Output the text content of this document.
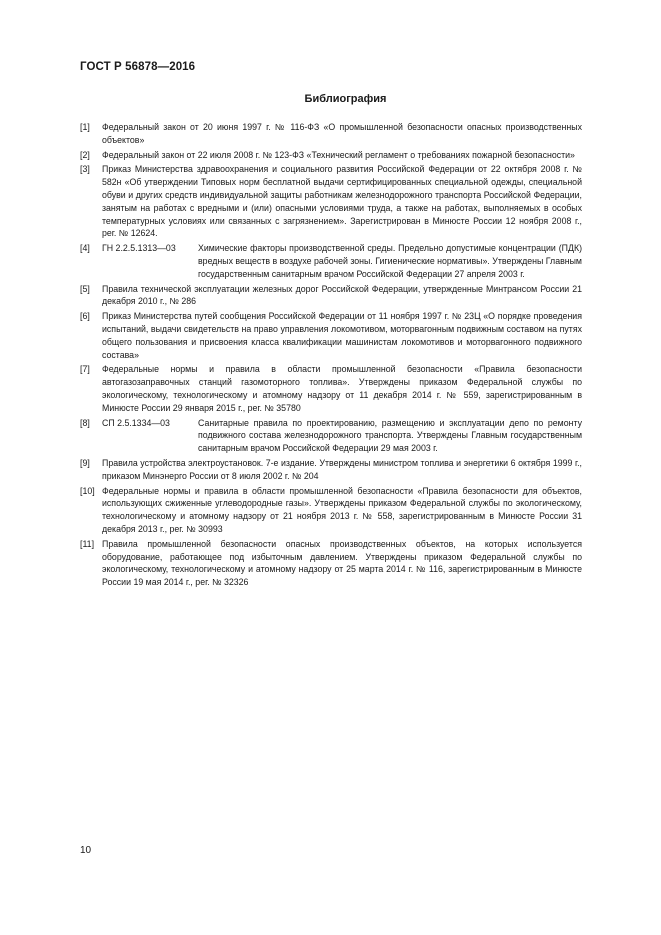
ГОСТ Р 56878—2016
Библиография
[1]	Федеральный закон от 20 июня 1997 г. № 116-ФЗ «О промышленной безопасности опасных производственных объектов»
[2]	Федеральный закон от 22 июля 2008 г. № 123-ФЗ «Технический регламент о требованиях пожарной безопасности»
[3]	Приказ Министерства здравоохранения и социального развития Российской Федерации от 22 октября 2008 г. № 582н «Об утверждении Типовых норм бесплатной выдачи сертифицированных специальной одежды, специальной обуви и других средств индивидуальной защиты работникам железнодорожного транспорта Российской Федерации, занятым на работах с вредными и (или) опасными условиями труда, а также на работах, выполняемых в особых температурных условиях или связанных с загрязнением». Зарегистрирован в Минюсте России 12 ноября 2008 г., рег. № 12624.
[4]	ГН 2.2.5.1313—03	Химические факторы производственной среды. Предельно допустимые концентрации (ПДК) вредных веществ в воздухе рабочей зоны. Гигиенические нормативы». Утверждены Главным государственным санитарным врачом Российской Федерации 27 апреля 2003 г.
[5]	Правила технической эксплуатации железных дорог Российской Федерации, утвержденные Минтрансом России 21 декабря 2010 г., № 286
[6]	Приказ Министерства путей сообщения Российской Федерации от 11 ноября 1997 г. № 23Ц «О порядке проведения испытаний, выдачи свидетельств на право управления локомотивом, моторвагонным подвижным составом на путях общего пользования и присвоения класса квалификации машинистам локомотивов и моторвагонного подвижного состава»
[7]	Федеральные нормы и правила в области промышленной безопасности «Правила безопасности автогазозаправочных станций газомоторного топлива». Утверждены приказом Федеральной службы по экологическому, технологическому и атомному надзору от 11 декабря 2014 г. № 559, зарегистрированным в Минюсте России 29 января 2015 г., рег. № 35780
[8]	СП 2.5.1334—03	Санитарные правила по проектированию, размещению и эксплуатации депо по ремонту подвижного состава железнодорожного транспорта. Утверждены Главным государственным санитарным врачом Российской Федерации 29 мая 2003 г.
[9]	Правила устройства электроустановок. 7-е издание. Утверждены министром топлива и энергетики 6 октября 1999 г., приказом Минэнерго России от 8 июля 2002 г. № 204
[10] Федеральные нормы и правила в области промышленной безопасности «Правила безопасности для объектов, использующих сжиженные углеводородные газы». Утверждены приказом Федеральной службы по экологическому, технологическому и атомному надзору от 21 ноября 2013 г. № 558, зарегистрированным в Минюсте России 31 декабря 2013 г., рег. № 30993
[11] Правила промышленной безопасности опасных производственных объектов, на которых используется оборудование, работающее под избыточным давлением. Утверждены приказом Федеральной службы по экологическому, технологическому и атомному надзору от 25 марта 2014 г. № 116, зарегистрированным в Минюсте России 19 мая 2014 г., рег. № 32326
10
